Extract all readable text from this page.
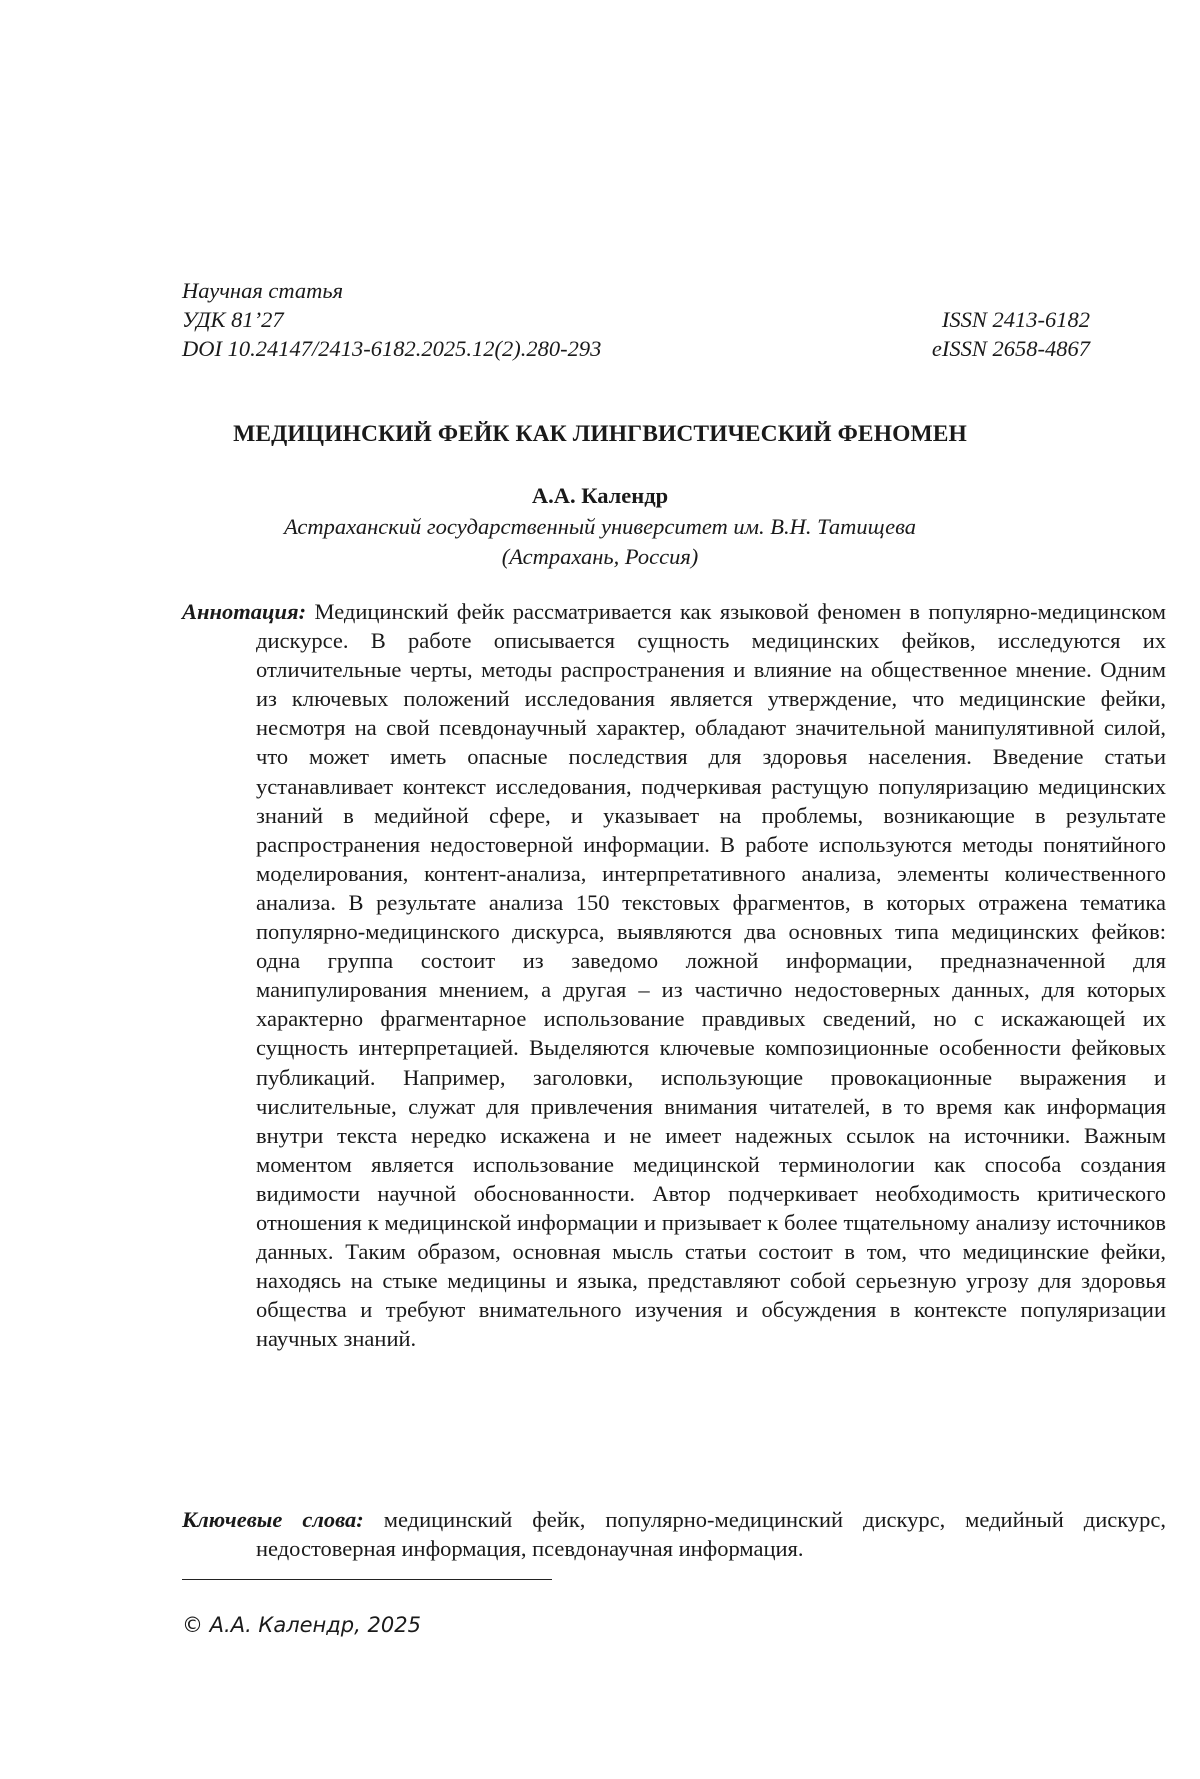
Научная статья
УДК 81’27	ISSN 2413-6182
DOI 10.24147/2413-6182.2025.12(2).280-293	eISSN 2658-4867
МЕДИЦИНСКИЙ ФЕЙК КАК ЛИНГВИСТИЧЕСКИЙ ФЕНОМЕН
А.А. Календр
Астраханский государственный университет им. В.Н. Татищева
(Астрахань, Россия)
Аннотация: Медицинский фейк рассматривается как языковой феномен в популярно-медицинском дискурсе. В работе описывается сущность медицинских фейков, исследуются их отличительные черты, методы распространения и влияние на общественное мнение. Одним из ключевых положений исследования является утверждение, что медицинские фейки, несмотря на свой псевдонаучный характер, обладают значительной манипулятивной силой, что может иметь опасные последствия для здоровья населения. Введение статьи устанавливает контекст исследования, подчеркивая растущую популяризацию медицинских знаний в медийной сфере, и указывает на проблемы, возникающие в результате распространения недостоверной информации. В работе используются методы понятийного моделирования, контент-анализа, интерпретативного анализа, элементы количественного анализа. В результате анализа 150 текстовых фрагментов, в которых отражена тематика популярно-медицинского дискурса, выявляются два основных типа медицинских фейков: одна группа состоит из заведомо ложной информации, предназначенной для манипулирования мнением, а другая – из частично недостоверных данных, для которых характерно фрагментарное использование правдивых сведений, но с искажающей их сущность интерпретацией. Выделяются ключевые композиционные особенности фейковых публикаций. Например, заголовки, использующие провокационные выражения и числительные, служат для привлечения внимания читателей, в то время как информация внутри текста нередко искажена и не имеет надежных ссылок на источники. Важным моментом является использование медицинской терминологии как способа создания видимости научной обоснованности. Автор подчеркивает необходимость критического отношения к медицинской информации и призывает к более тщательному анализу источников данных. Таким образом, основная мысль статьи состоит в том, что медицинские фейки, находясь на стыке медицины и языка, представляют собой серьезную угрозу для здоровья общества и требуют внимательного изучения и обсуждения в контексте популяризации научных знаний.
Ключевые слова: медицинский фейк, популярно-медицинский дискурс, медийный дискурс, недостоверная информация, псевдонаучная информация.
© А.А. Календр, 2025
